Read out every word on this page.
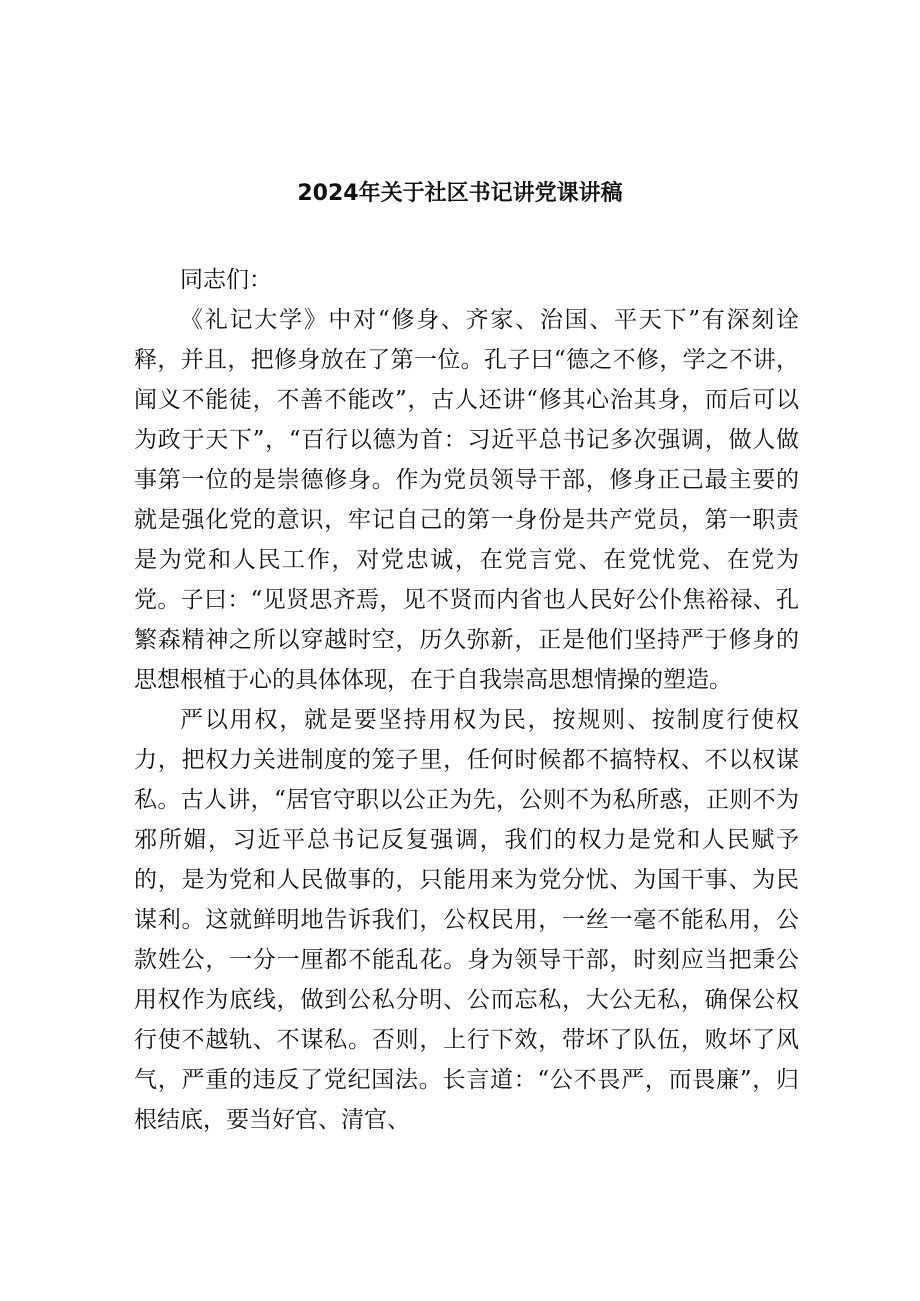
2024年关于社区书记讲党课讲稿

同志们：

《礼记大学》中对“修身、齐家、治国、平天下”有深刻诠释，并且，把修身放在了第一位。孔子曰“德之不修，学之不讲，闻义不能徒，不善不能改”，古人还讲“修其心治其身，而后可以为政于天下”，“百行以德为首：习近平总书记多次强调，做人做事第一位的是崇德修身。作为党员领导干部，修身正己最主要的就是强化党的意识，牢记自己的第一身份是共产党员，第一职责是为党和人民工作，对党忠诚，在党言党、在党忧党、在党为党。子曰：“见贤思齐焉，见不贤而内省也人民好公仆焦裕禄、孔繁森精神之所以穿越时空，历久弥新，正是他们坚持严于修身的思想根植于心的具体体现，在于自我崇高思想情操的塑造。

严以用权，就是要坚持用权为民，按规则、按制度行使权力，把权力关进制度的笼子里，任何时候都不搞特权、不以权谋私。古人讲，“居官守职以公正为先，公则不为私所惑，正则不为邪所媚，习近平总书记反复强调，我们的权力是党和人民赋予的，是为党和人民做事的，只能用来为党分忧、为国干事、为民谋利。这就鲜明地告诉我们，公权民用，一丝一毫不能私用，公款姓公，一分一厘都不能乱花。身为领导干部，时刻应当把秉公用权作为底线，做到公私分明、公而忘私，大公无私，确保公权行使不越轨、不谋私。否则，上行下效，带坏了队伍，败坏了风气，严重的违反了党纪国法。长言道：“公不畏严，而畏廉”，归根结底，要当好官、清官、
